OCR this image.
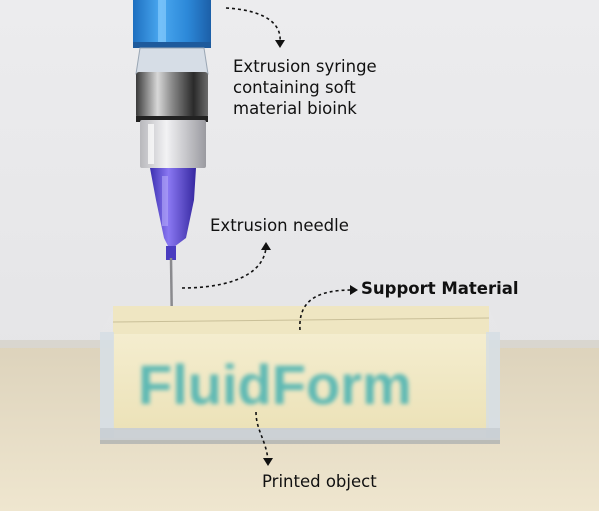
FluidForm
Extrusion syringe
containing soft
material bioink
Extrusion needle
Support Material
Printed object
